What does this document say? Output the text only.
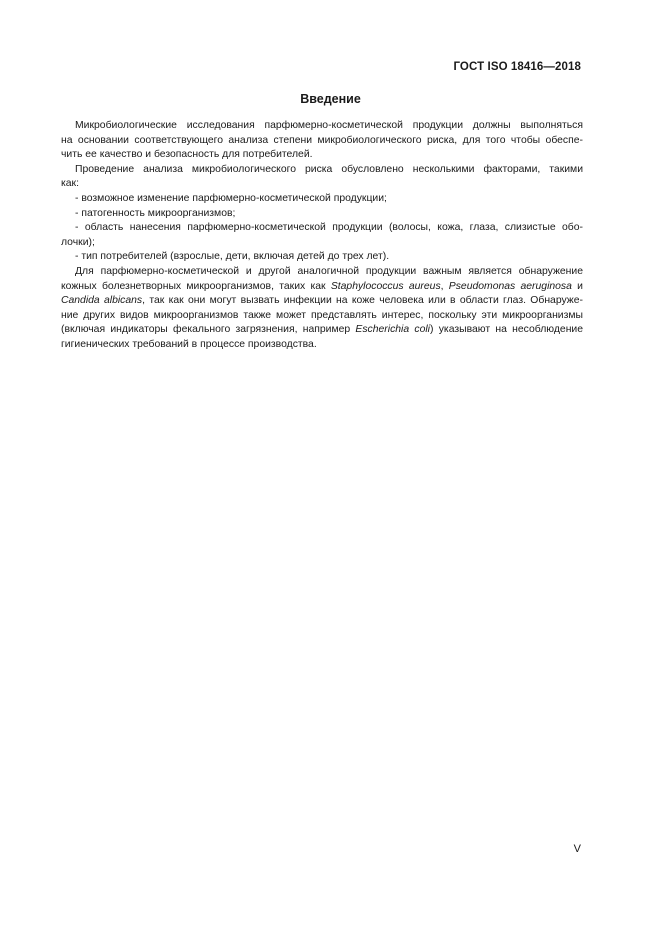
ГОСТ ISO 18416—2018
Введение
Микробиологические исследования парфюмерно-косметической продукции должны выполняться
на основании соответствующего анализа степени микробиологического риска, для того чтобы обеспе-
чить ее качество и безопасность для потребителей.
Проведение анализа микробиологического риска обусловлено несколькими факторами, такими
как:
- возможное изменение парфюмерно-косметической продукции;
- патогенность микроорганизмов;
- область нанесения парфюмерно-косметической продукции (волосы, кожа, глаза, слизистые обо-
лочки);
- тип потребителей (взрослые, дети, включая детей до трех лет).
Для парфюмерно-косметической и другой аналогичной продукции важным является обнаружение
кожных болезнетворных микроорганизмов, таких как Staphylococcus aureus, Pseudomonas aeruginosa и
Candida albicans, так как они могут вызвать инфекции на коже человека или в области глаз. Обнаруже-
ние других видов микроорганизмов также может представлять интерес, поскольку эти микроорганизмы
(включая индикаторы фекального загрязнения, например Escherichia coli) указывают на несоблюдение
гигиенических требований в процессе производства.
V
